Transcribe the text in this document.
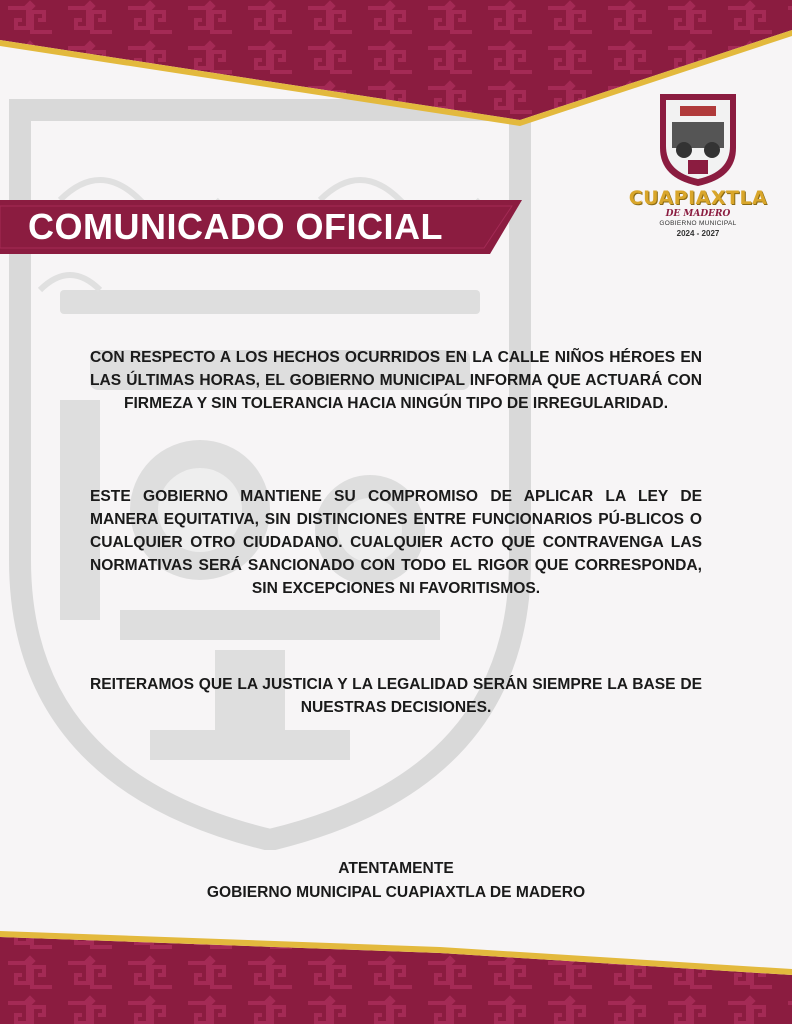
COMUNICADO OFICIAL
CUAPIAXTLA
DE MADERO
GOBIERNO MUNICIPAL
2024 - 2027
CON RESPECTO A LOS HECHOS OCURRIDOS EN LA CALLE NIÑOS HÉROES EN LAS ÚLTIMAS HORAS, EL GOBIERNO MUNICIPAL INFORMA QUE ACTUARÁ CON FIRMEZA Y SIN TOLERANCIA HACIA NINGÚN TIPO DE IRREGULARIDAD.
ESTE GOBIERNO MANTIENE SU COMPROMISO DE APLICAR LA LEY DE MANERA EQUITATIVA, SIN DISTINCIONES ENTRE FUNCIONARIOS PÚ-BLICOS O CUALQUIER OTRO CIUDADANO. CUALQUIER ACTO QUE CONTRAVENGA LAS NORMATIVAS SERÁ SANCIONADO CON TODO EL RIGOR QUE CORRESPONDA, SIN EXCEPCIONES NI FAVORITISMOS.
REITERAMOS QUE LA JUSTICIA Y LA LEGALIDAD SERÁN SIEMPRE LA BASE DE NUESTRAS DECISIONES.
ATENTAMENTE
GOBIERNO MUNICIPAL CUAPIAXTLA DE MADERO
